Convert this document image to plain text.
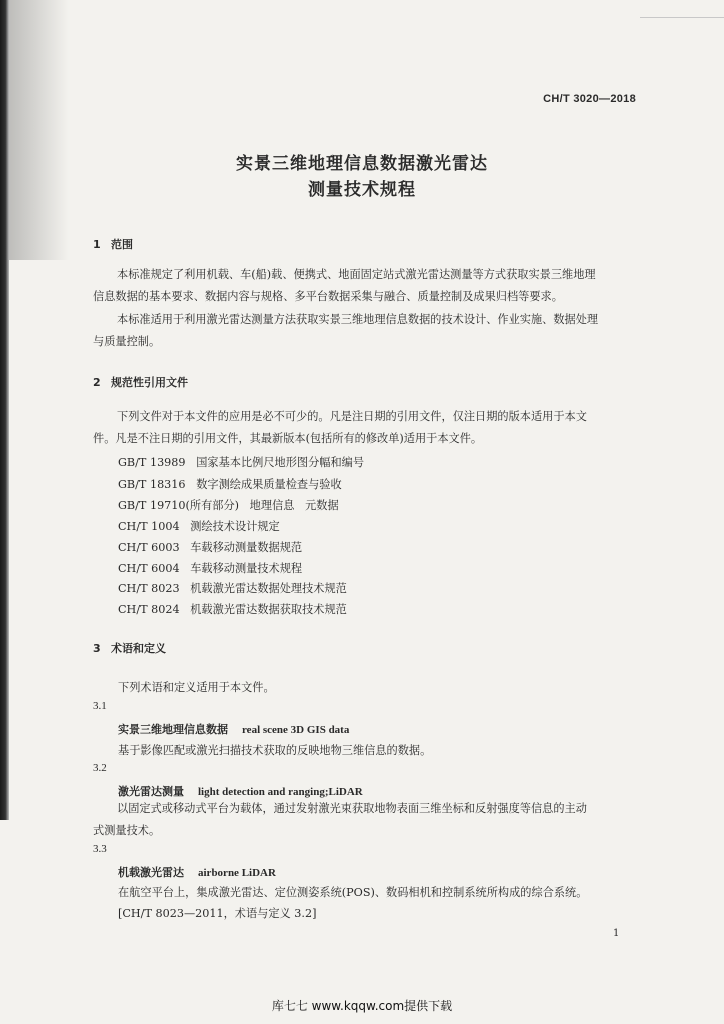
CH/T 3020—2018
实景三维地理信息数据激光雷达
测量技术规程
1 范围
本标准规定了利用机载、车(船)载、便携式、地面固定站式激光雷达测量等方式获取实景三维地理
信息数据的基本要求、数据内容与规格、多平台数据采集与融合、质量控制及成果归档等要求。
本标准适用于利用激光雷达测量方法获取实景三维地理信息数据的技术设计、作业实施、数据处理
与质量控制。
2 规范性引用文件
下列文件对于本文件的应用是必不可少的。凡是注日期的引用文件，仅注日期的版本适用于本文
件。凡是不注日期的引用文件，其最新版本(包括所有的修改单)适用于本文件。
GB/T 13989   国家基本比例尺地形图分幅和编号
GB/T 18316   数字测绘成果质量检查与验收
GB/T 19710(所有部分)   地理信息   元数据
CH/T 1004   测绘技术设计规定
CH/T 6003   车载移动测量数据规范
CH/T 6004   车载移动测量技术规程
CH/T 8023   机载激光雷达数据处理技术规范
CH/T 8024   机载激光雷达数据获取技术规范
3 术语和定义
下列术语和定义适用于本文件。
3.1
实景三维地理信息数据 real scene 3D GIS data
基于影像匹配或激光扫描技术获取的反映地物三维信息的数据。
3.2
激光雷达测量 light detection and ranging;LiDAR
以固定式或移动式平台为载体，通过发射激光束获取地物表面三维坐标和反射强度等信息的主动
式测量技术。
3.3
机载激光雷达 airborne LiDAR
在航空平台上，集成激光雷达、定位测姿系统(POS)、数码相机和控制系统所构成的综合系统。
[CH/T 8023—2011，术语与定义 3.2]
1
库七七 www.kqqw.com提供下载
